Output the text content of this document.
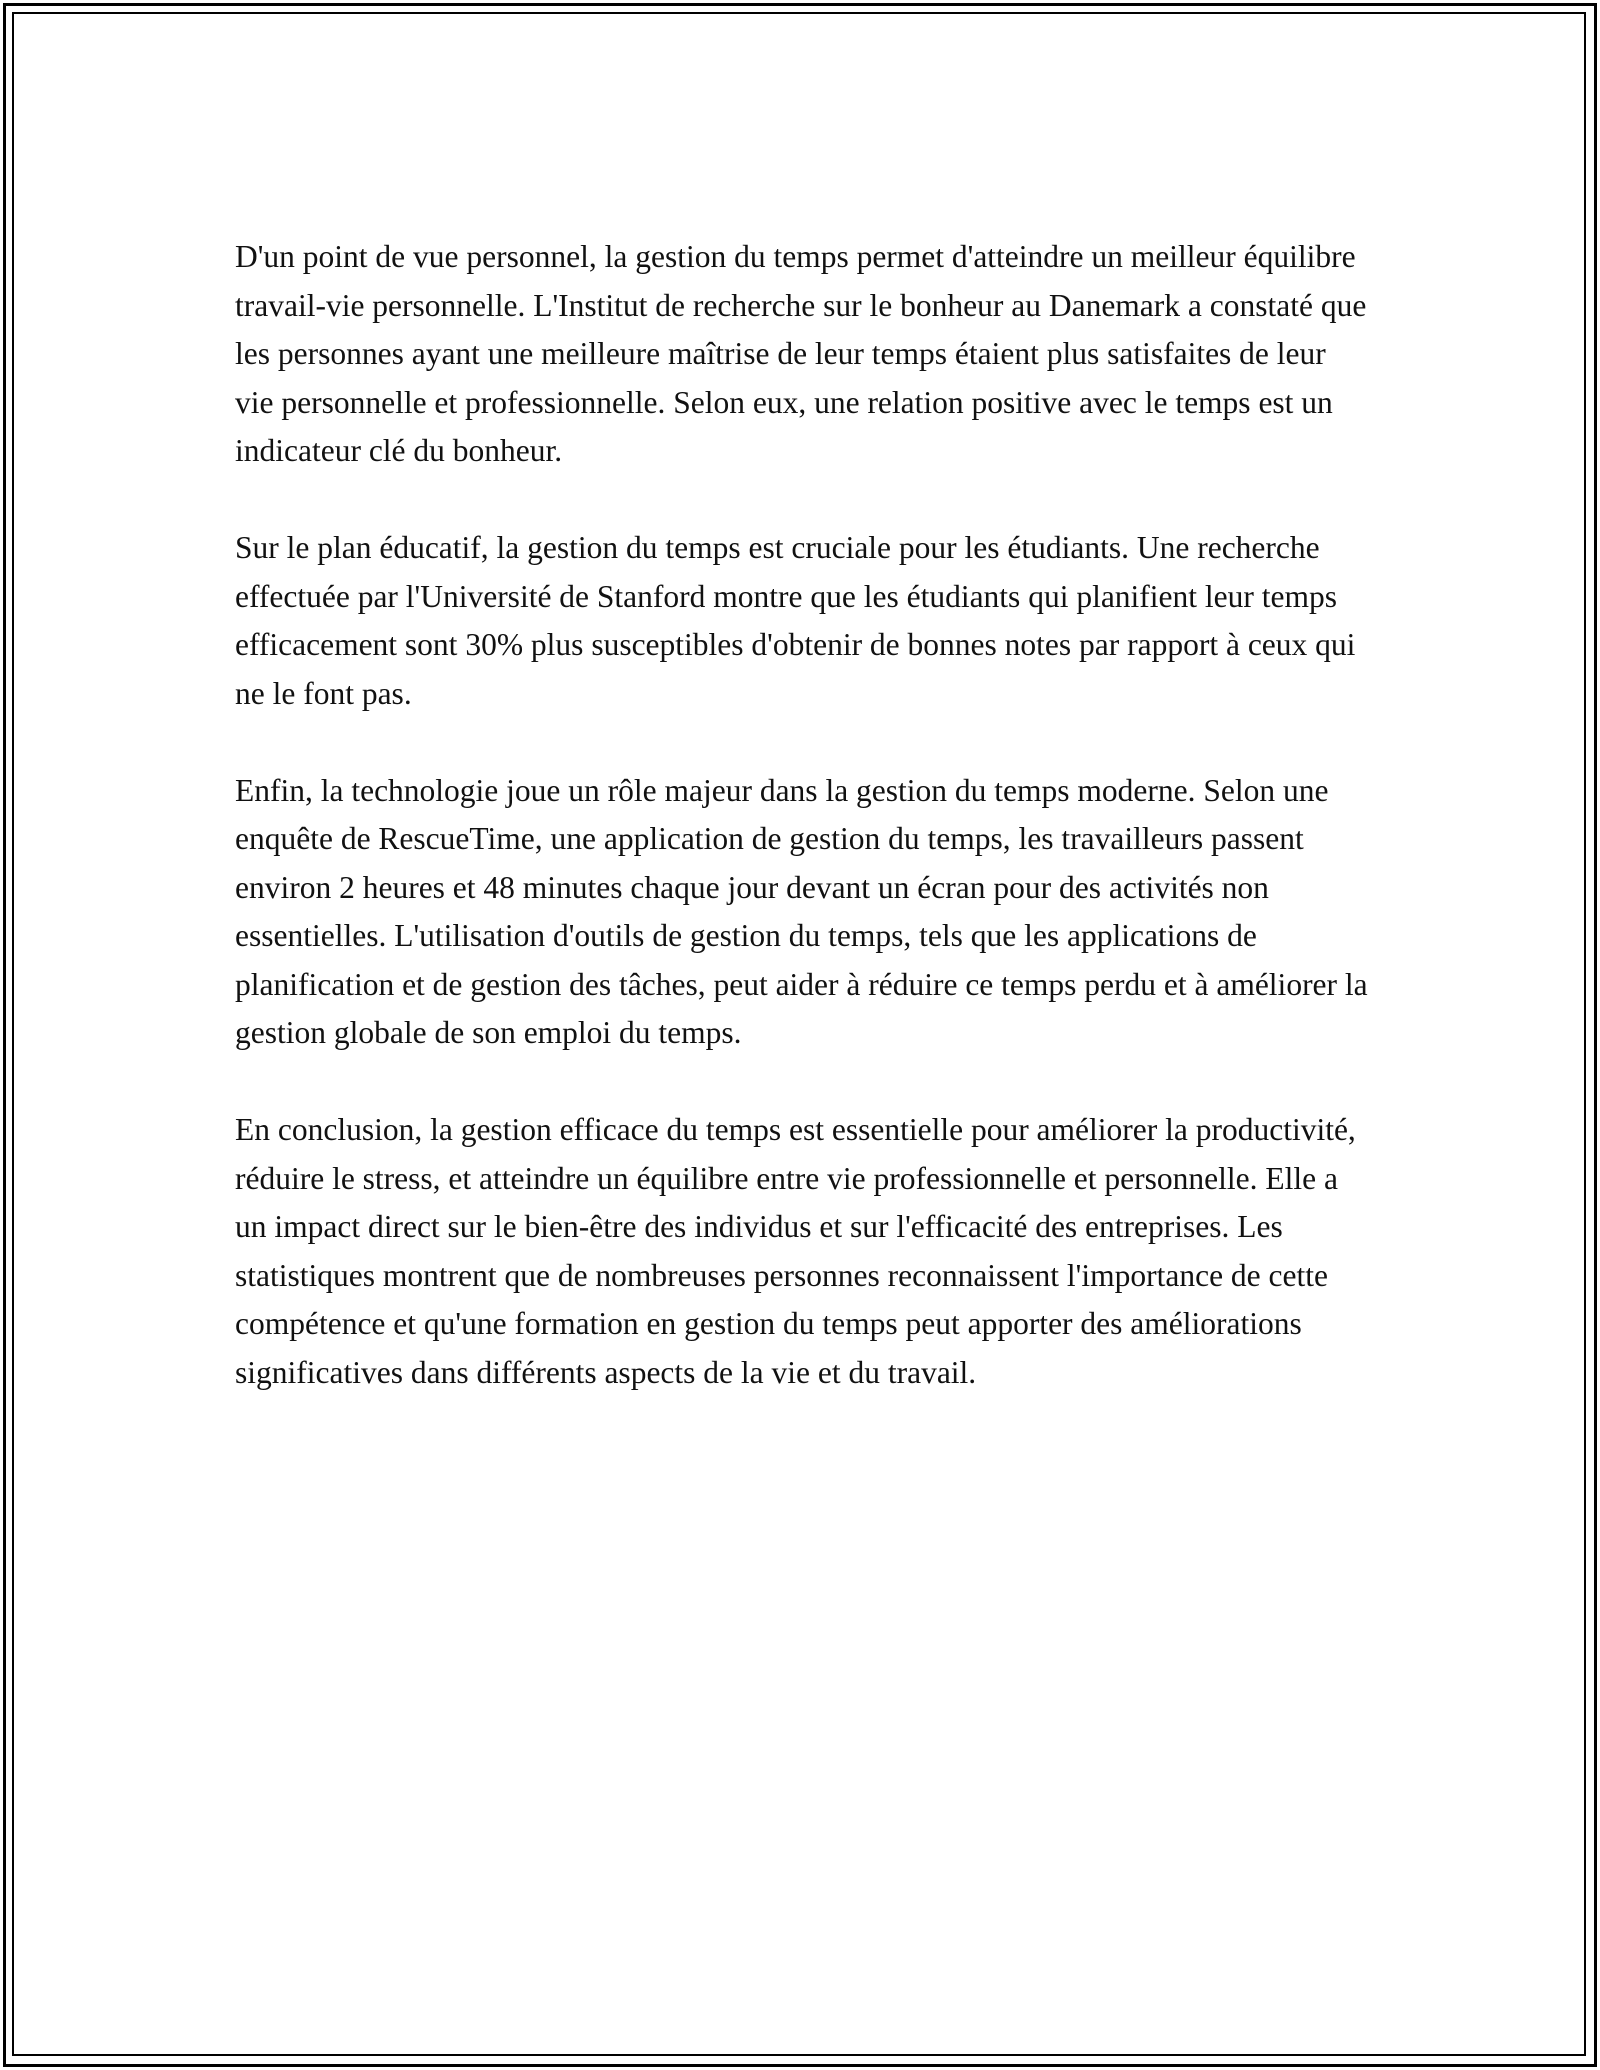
D'un point de vue personnel, la gestion du temps permet d'atteindre un meilleur équilibre travail-vie personnelle. L'Institut de recherche sur le bonheur au Danemark a constaté que les personnes ayant une meilleure maîtrise de leur temps étaient plus satisfaites de leur vie personnelle et professionnelle. Selon eux, une relation positive avec le temps est un indicateur clé du bonheur.

Sur le plan éducatif, la gestion du temps est cruciale pour les étudiants. Une recherche effectuée par l'Université de Stanford montre que les étudiants qui planifient leur temps efficacement sont 30% plus susceptibles d'obtenir de bonnes notes par rapport à ceux qui ne le font pas.

Enfin, la technologie joue un rôle majeur dans la gestion du temps moderne. Selon une enquête de RescueTime, une application de gestion du temps, les travailleurs passent environ 2 heures et 48 minutes chaque jour devant un écran pour des activités non essentielles. L'utilisation d'outils de gestion du temps, tels que les applications de planification et de gestion des tâches, peut aider à réduire ce temps perdu et à améliorer la gestion globale de son emploi du temps.

En conclusion, la gestion efficace du temps est essentielle pour améliorer la productivité, réduire le stress, et atteindre un équilibre entre vie professionnelle et personnelle. Elle a un impact direct sur le bien-être des individus et sur l'efficacité des entreprises. Les statistiques montrent que de nombreuses personnes reconnaissent l'importance de cette compétence et qu'une formation en gestion du temps peut apporter des améliorations significatives dans différents aspects de la vie et du travail.
